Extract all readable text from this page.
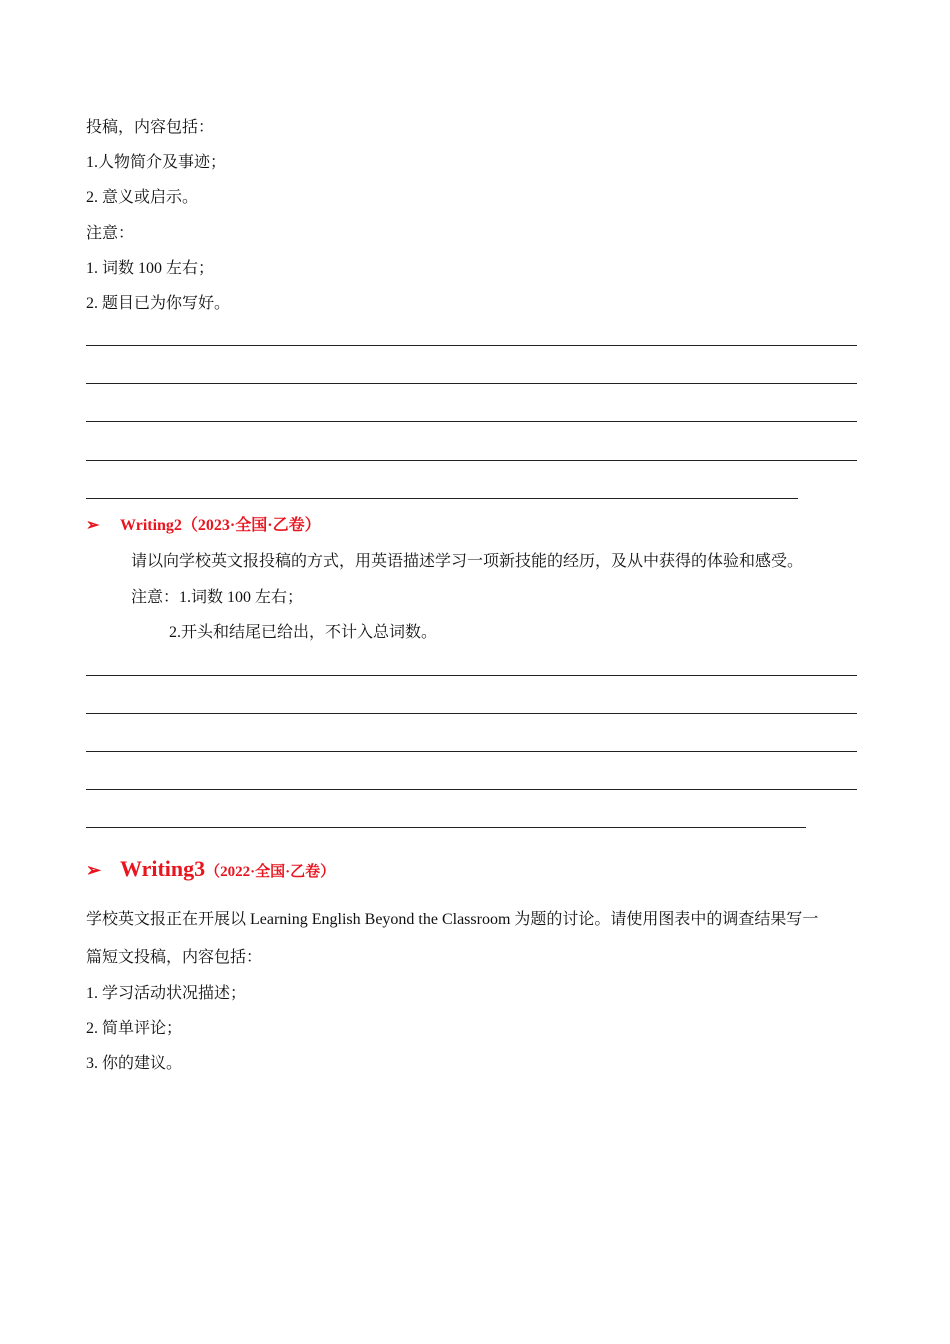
投稿，内容包括：
1.人物简介及事迹；
2. 意义或启示。
注意：
1. 词数 100 左右；
2. 题目已为你写好。
➢ Writing2（2023·全国·乙卷）
请以向学校英文报投稿的方式，用英语描述学习一项新技能的经历，及从中获得的体验和感受。
注意：1.词数 100 左右；
2.开头和结尾已给出，不计入总词数。
➢ Writing3（2022·全国·乙卷）
学校英文报正在开展以 Learning English Beyond the Classroom 为题的讨论。请使用图表中的调查结果写一
篇短文投稿，内容包括：
1. 学习活动状况描述；
2. 简单评论；
3. 你的建议。
